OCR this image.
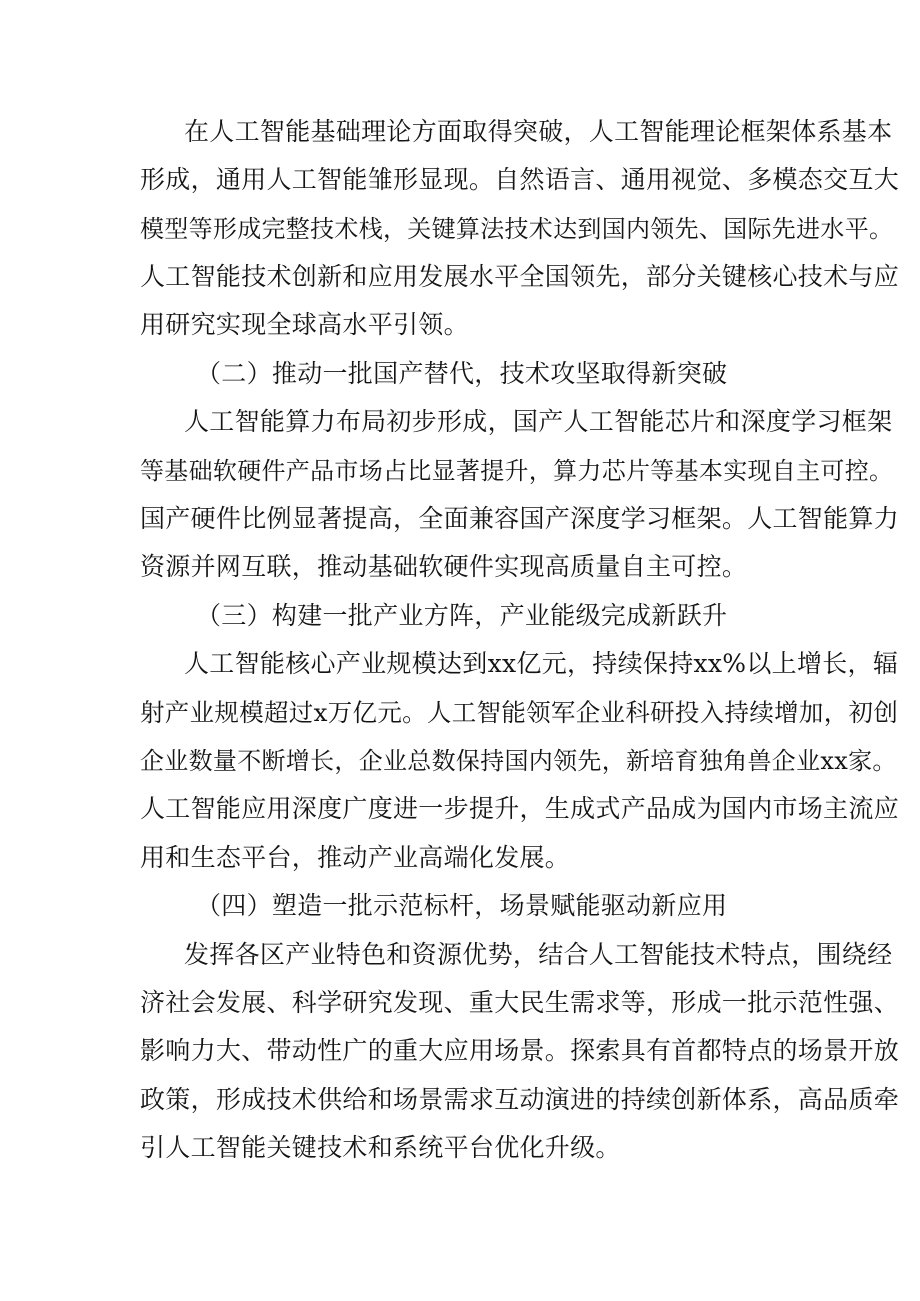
在人工智能基础理论方面取得突破，人工智能理论框架体系基本
形成，通用人工智能雏形显现。自然语言、通用视觉、多模态交互大
模型等形成完整技术栈，关键算法技术达到国内领先、国际先进水平。
人工智能技术创新和应用发展水平全国领先，部分关键核心技术与应
用研究实现全球高水平引领。
（二）推动一批国产替代，技术攻坚取得新突破
人工智能算力布局初步形成，国产人工智能芯片和深度学习框架
等基础软硬件产品市场占比显著提升，算力芯片等基本实现自主可控。
国产硬件比例显著提高，全面兼容国产深度学习框架。人工智能算力
资源并网互联，推动基础软硬件实现高质量自主可控。
（三）构建一批产业方阵，产业能级完成新跃升
人工智能核心产业规模达到xx亿元，持续保持xx%以上增长，辐
射产业规模超过x万亿元。人工智能领军企业科研投入持续增加，初创
企业数量不断增长，企业总数保持国内领先，新培育独角兽企业xx家。
人工智能应用深度广度进一步提升，生成式产品成为国内市场主流应
用和生态平台，推动产业高端化发展。
（四）塑造一批示范标杆，场景赋能驱动新应用
发挥各区产业特色和资源优势，结合人工智能技术特点，围绕经
济社会发展、科学研究发现、重大民生需求等，形成一批示范性强、
影响力大、带动性广的重大应用场景。探索具有首都特点的场景开放
政策，形成技术供给和场景需求互动演进的持续创新体系，高品质牵
引人工智能关键技术和系统平台优化升级。
